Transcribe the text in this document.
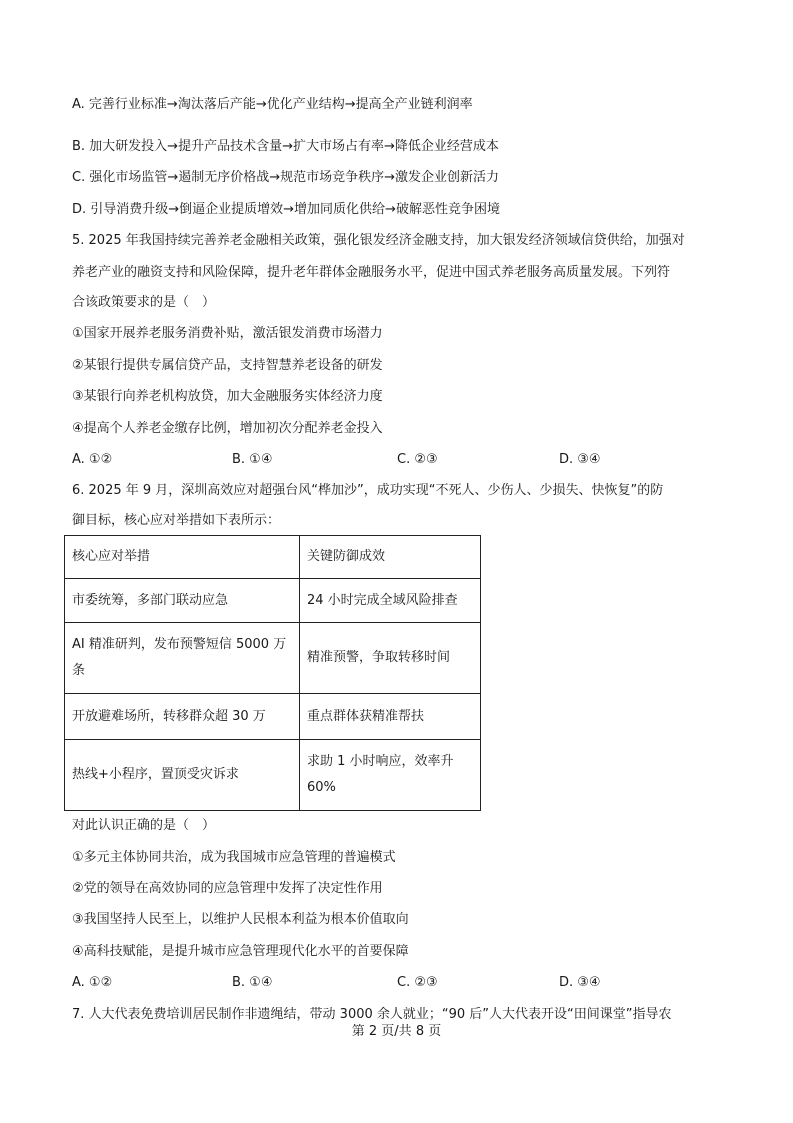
A. 完善行业标准→淘汰落后产能→优化产业结构→提高全产业链利润率
B. 加大研发投入→提升产品技术含量→扩大市场占有率→降低企业经营成本
C. 强化市场监管→遏制无序价格战→规范市场竞争秩序→激发企业创新活力
D. 引导消费升级→倒逼企业提质增效→增加同质化供给→破解恶性竞争困境
5. 2025 年我国持续完善养老金融相关政策，强化银发经济金融支持，加大银发经济领域信贷供给，加强对
养老产业的融资支持和风险保障，提升老年群体金融服务水平，促进中国式养老服务高质量发展。下列符
合该政策要求的是（　）
①国家开展养老服务消费补贴，激活银发消费市场潜力
②某银行提供专属信贷产品，支持智慧养老设备的研发
③某银行向养老机构放贷，加大金融服务实体经济力度
④提高个人养老金缴存比例，增加初次分配养老金投入
A. ①②	B. ①④	C. ②③	D. ③④
6. 2025 年 9 月，深圳高效应对超强台风“桦加沙”，成功实现“不死人、少伤人、少损失、快恢复”的防
御目标，核心应对举措如下表所示：
核心应对举措	关键防御成效

市委统筹，多部门联动应急	24 小时完成全域风险排查

AI 精准研判，发布预警短信 5000 万
条	精准预警，争取转移时间

开放避难场所，转移群众超 30 万	重点群体获精准帮扶

热线+小程序，置顶受灾诉求	求助 1 小时响应，效率升
60%
对此认识正确的是（　）
①多元主体协同共治，成为我国城市应急管理的普遍模式
②党的领导在高效协同的应急管理中发挥了决定性作用
③我国坚持人民至上，以维护人民根本利益为根本价值取向
④高科技赋能，是提升城市应急管理现代化水平的首要保障
A. ①②	B. ①④	C. ②③	D. ③④
7. 人大代表免费培训居民制作非遗绳结，带动 3000 余人就业；“90 后”人大代表开设“田间课堂”指导农
第 2 页/共 8 页
